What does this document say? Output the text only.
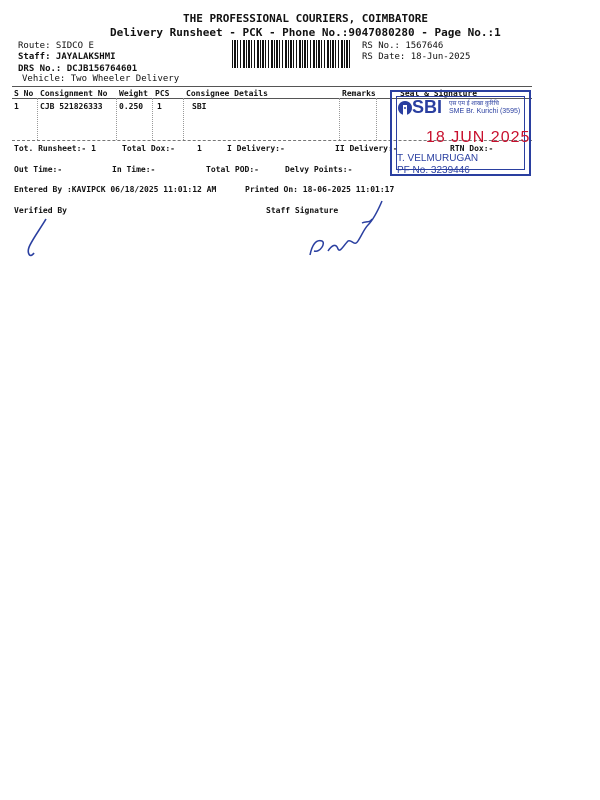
THE PROFESSIONAL COURIERS, COIMBATORE
Delivery Runsheet - PCK - Phone No.:9047080280 - Page No.:1
Route: SIDCO E
Staff: JAYALAKSHMI
DRS No.: DCJB156764601
Vehicle: Two Wheeler Delivery
RS No.: 1567646
RS Date: 18-Jun-2025
S No Consignment No Weight PCS Consignee Details	Remarks	Seal & Signature
1	CJB 521826333 0.250 1	SBI
Tot. Runsheet:- 1	Total Dox:-	1	I Delivery:-	II Delivery:-	RTN Dox:-
Out Time:-	In Time:-	Total POD:-	Delvy Points:-
Entered By :KAVIPCK 06/18/2025 11:01:12 AM	Printed On: 18-06-2025 11:01:17
Verified By	Staff Signature
SBI एस एम ई शाखा कुरिचि
SME Br. Kurichi (3595)
18 JUN 2025
T. VELMURUGAN
PF No. 3239446
